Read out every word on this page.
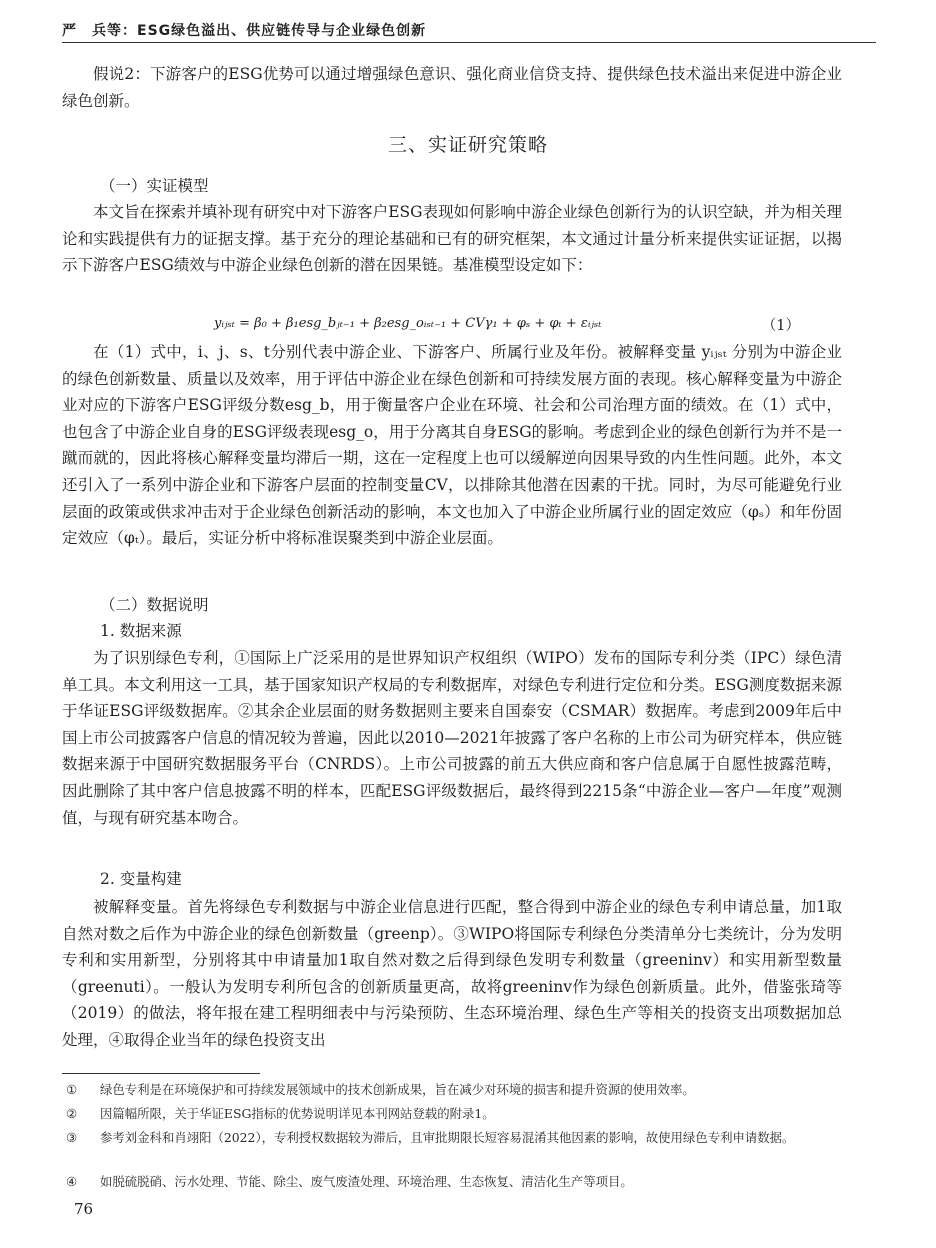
严　兵等：ESG绿色溢出、供应链传导与企业绿色创新

假说2：下游客户的ESG优势可以通过增强绿色意识、强化商业信贷支持、提供绿色技术溢出来促进中游企业绿色创新。

三、实证研究策略
（一）实证模型

本文旨在探索并填补现有研究中对下游客户ESG表现如何影响中游企业绿色创新行为的认识空缺，并为相关理论和实践提供有力的证据支撑。基于充分的理论基础和已有的研究框架，本文通过计量分析来提供实证证据，以揭示下游客户ESG绩效与中游企业绿色创新的潜在因果链。基准模型设定如下：

yᵢⱼₛₜ = β₀ + β₁esg_bⱼₜ₋₁ + β₂esg_oᵢₛₜ₋₁ + CVγ₁ + φₛ + φₜ + εᵢⱼₛₜ	（1）

在（1）式中，i、j、s、t分别代表中游企业、下游客户、所属行业及年份。被解释变量 yᵢⱼₛₜ 分别为中游企业的绿色创新数量、质量以及效率，用于评估中游企业在绿色创新和可持续发展方面的表现。核心解释变量为中游企业对应的下游客户ESG评级分数esg_b，用于衡量客户企业在环境、社会和公司治理方面的绩效。在（1）式中，也包含了中游企业自身的ESG评级表现esg_o，用于分离其自身ESG的影响。考虑到企业的绿色创新行为并不是一蹴而就的，因此将核心解释变量均滞后一期，这在一定程度上也可以缓解逆向因果导致的内生性问题。此外，本文还引入了一系列中游企业和下游客户层面的控制变量CV，以排除其他潜在因素的干扰。同时，为尽可能避免行业层面的政策或供求冲击对于企业绿色创新活动的影响，本文也加入了中游企业所属行业的固定效应（φₛ）和年份固定效应（φₜ）。最后，实证分析中将标准误聚类到中游企业层面。

（二）数据说明
1. 数据来源

为了识别绿色专利，①国际上广泛采用的是世界知识产权组织（WIPO）发布的国际专利分类（IPC）绿色清单工具。本文利用这一工具，基于国家知识产权局的专利数据库，对绿色专利进行定位和分类。ESG测度数据来源于华证ESG评级数据库。②其余企业层面的财务数据则主要来自国泰安（CSMAR）数据库。考虑到2009年后中国上市公司披露客户信息的情况较为普遍，因此以2010—2021年披露了客户名称的上市公司为研究样本，供应链数据来源于中国研究数据服务平台（CNRDS）。上市公司披露的前五大供应商和客户信息属于自愿性披露范畴，因此删除了其中客户信息披露不明的样本，匹配ESG评级数据后，最终得到2215条“中游企业—客户—年度”观测值，与现有研究基本吻合。

2. 变量构建

被解释变量。首先将绿色专利数据与中游企业信息进行匹配，整合得到中游企业的绿色专利申请总量，加1取自然对数之后作为中游企业的绿色创新数量（greenp）。③WIPO将国际专利绿色分类清单分七类统计，分为发明专利和实用新型，分别将其中申请量加1取自然对数之后得到绿色发明专利数量（greeninv）和实用新型数量（greenuti）。一般认为发明专利所包含的创新质量更高，故将greeninv作为绿色创新质量。此外，借鉴张琦等（2019）的做法，将年报在建工程明细表中与污染预防、生态环境治理、绿色生产等相关的投资支出项数据加总处理，④取得企业当年的绿色投资支出

① 绿色专利是在环境保护和可持续发展领域中的技术创新成果，旨在减少对环境的损害和提升资源的使用效率。

② 因篇幅所限，关于华证ESG指标的优势说明详见本刊网站登载的附录1。

③ 参考刘金科和肖翊阳（2022），专利授权数据较为滞后，且审批期限长短容易混淆其他因素的影响，故使用绿色专利申请数据。

④ 如脱硫脱硝、污水处理、节能、除尘、废气废渣处理、环境治理、生态恢复、清洁化生产等项目。

76
